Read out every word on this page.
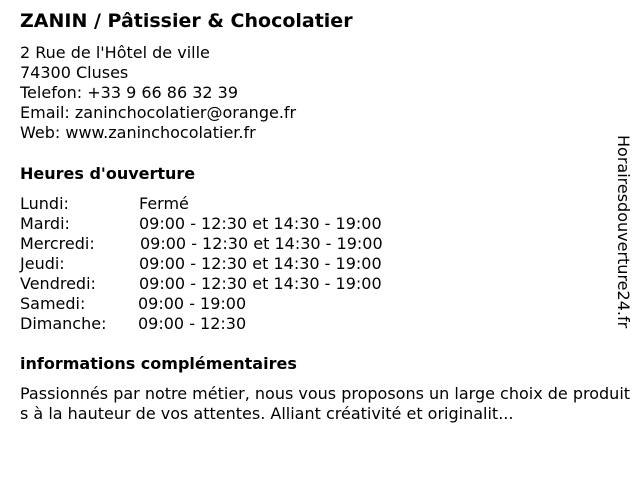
ZANIN / Pâtissier & Chocolatier
2 Rue de l'Hôtel de ville
74300 Cluses
Telefon: +33 9 66 86 32 39
Email: zaninchocolatier@orange.fr
Web: www.zaninchocolatier.fr
Heures d'ouverture
Lundi:	Fermé
Mardi:	09:00 - 12:30 et 14:30 - 19:00
Mercredi:	09:00 - 12:30 et 14:30 - 19:00
Jeudi:	09:00 - 12:30 et 14:30 - 19:00
Vendredi:	09:00 - 12:30 et 14:30 - 19:00
Samedi:	09:00 - 19:00
Dimanche: 09:00 - 12:30
informations complémentaires
Passionnés par notre métier, nous vous proposons un large choix de produits à la hauteur de vos attentes. Alliant créativité et originalit...
Horairesdouverture24.fr
